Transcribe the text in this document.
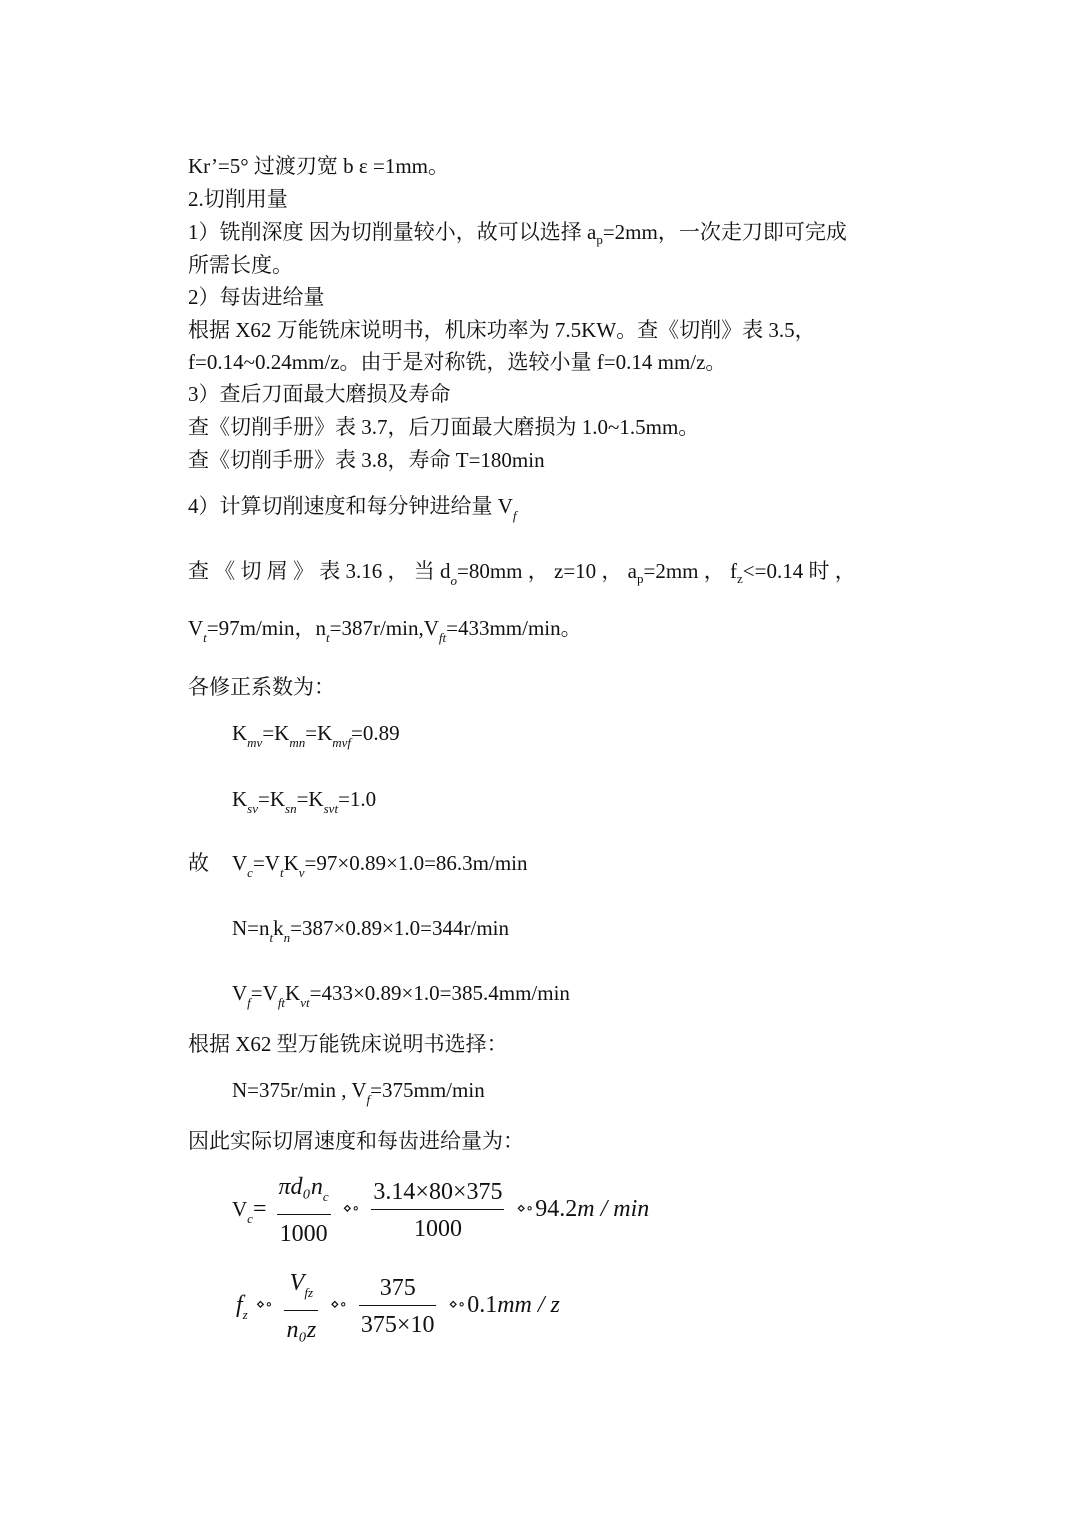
Kr’=5° 过渡刃宽 b ε =1mm。
2.切削用量
1）铣削深度 因为切削量较小，故可以选择 $a_p=2mm$，一次走刀即可完成
所需长度。
2）每齿进给量
根据 X62 万能铣床说明书，机床功率为 7.5KW。查《切削》表 3.5，
f=0.14~0.24mm/z。由于是对称铣，选较小量 f=0.14 mm/z。
3）查后刀面最大磨损及寿命
查《切削手册》表 3.7，后刀面最大磨损为 1.0~1.5mm。
查《切削手册》表 3.8，寿命 T=180min
4）计算切削速度和每分钟进给量 $V_f$
查 《 切 屑 》 表 3.16 ， 当 $d_o=80mm$ ， z=10 ， $a_p=2mm$ ， $f_z<=0.14$ 时 ，
$V_t=97m/\min$，$n_t=387r/\min,V_{ft}=433mm/\min$。
各修正系数为：
$K_{mv}=K_{mn}=K_{mvf}=0.89$
$K_{sv}=K_{sn}=K_{svt}=1.0$
故 $V_c=V_tK_v=97\times 0.89\times 1.0=86.3m/\min$
$N=n_tk_n=387\times 0.89\times 1.0=344r/\min$
$V_f=V_{ft}K_{vt}=433\times 0.89\times 1.0=385.4mm/\min$
根据 X62 型万能铣床说明书选择：
N=375r/min , $V_f=375mm/\min$
因此实际切屑速度和每齿进给量为：
$V_c= \frac{\pi d_0n_c}{1000}$ ⋄∘ $\frac{3.14\times 80\times 375}{1000}$ ⋄∘94.2m / min
$f_z$ ⋄∘ $\frac{V_{fz}}{\text{n₀z}}$ ⋄∘ $\frac{375}{375\times 10}$ ⋄∘0.1mm / z
